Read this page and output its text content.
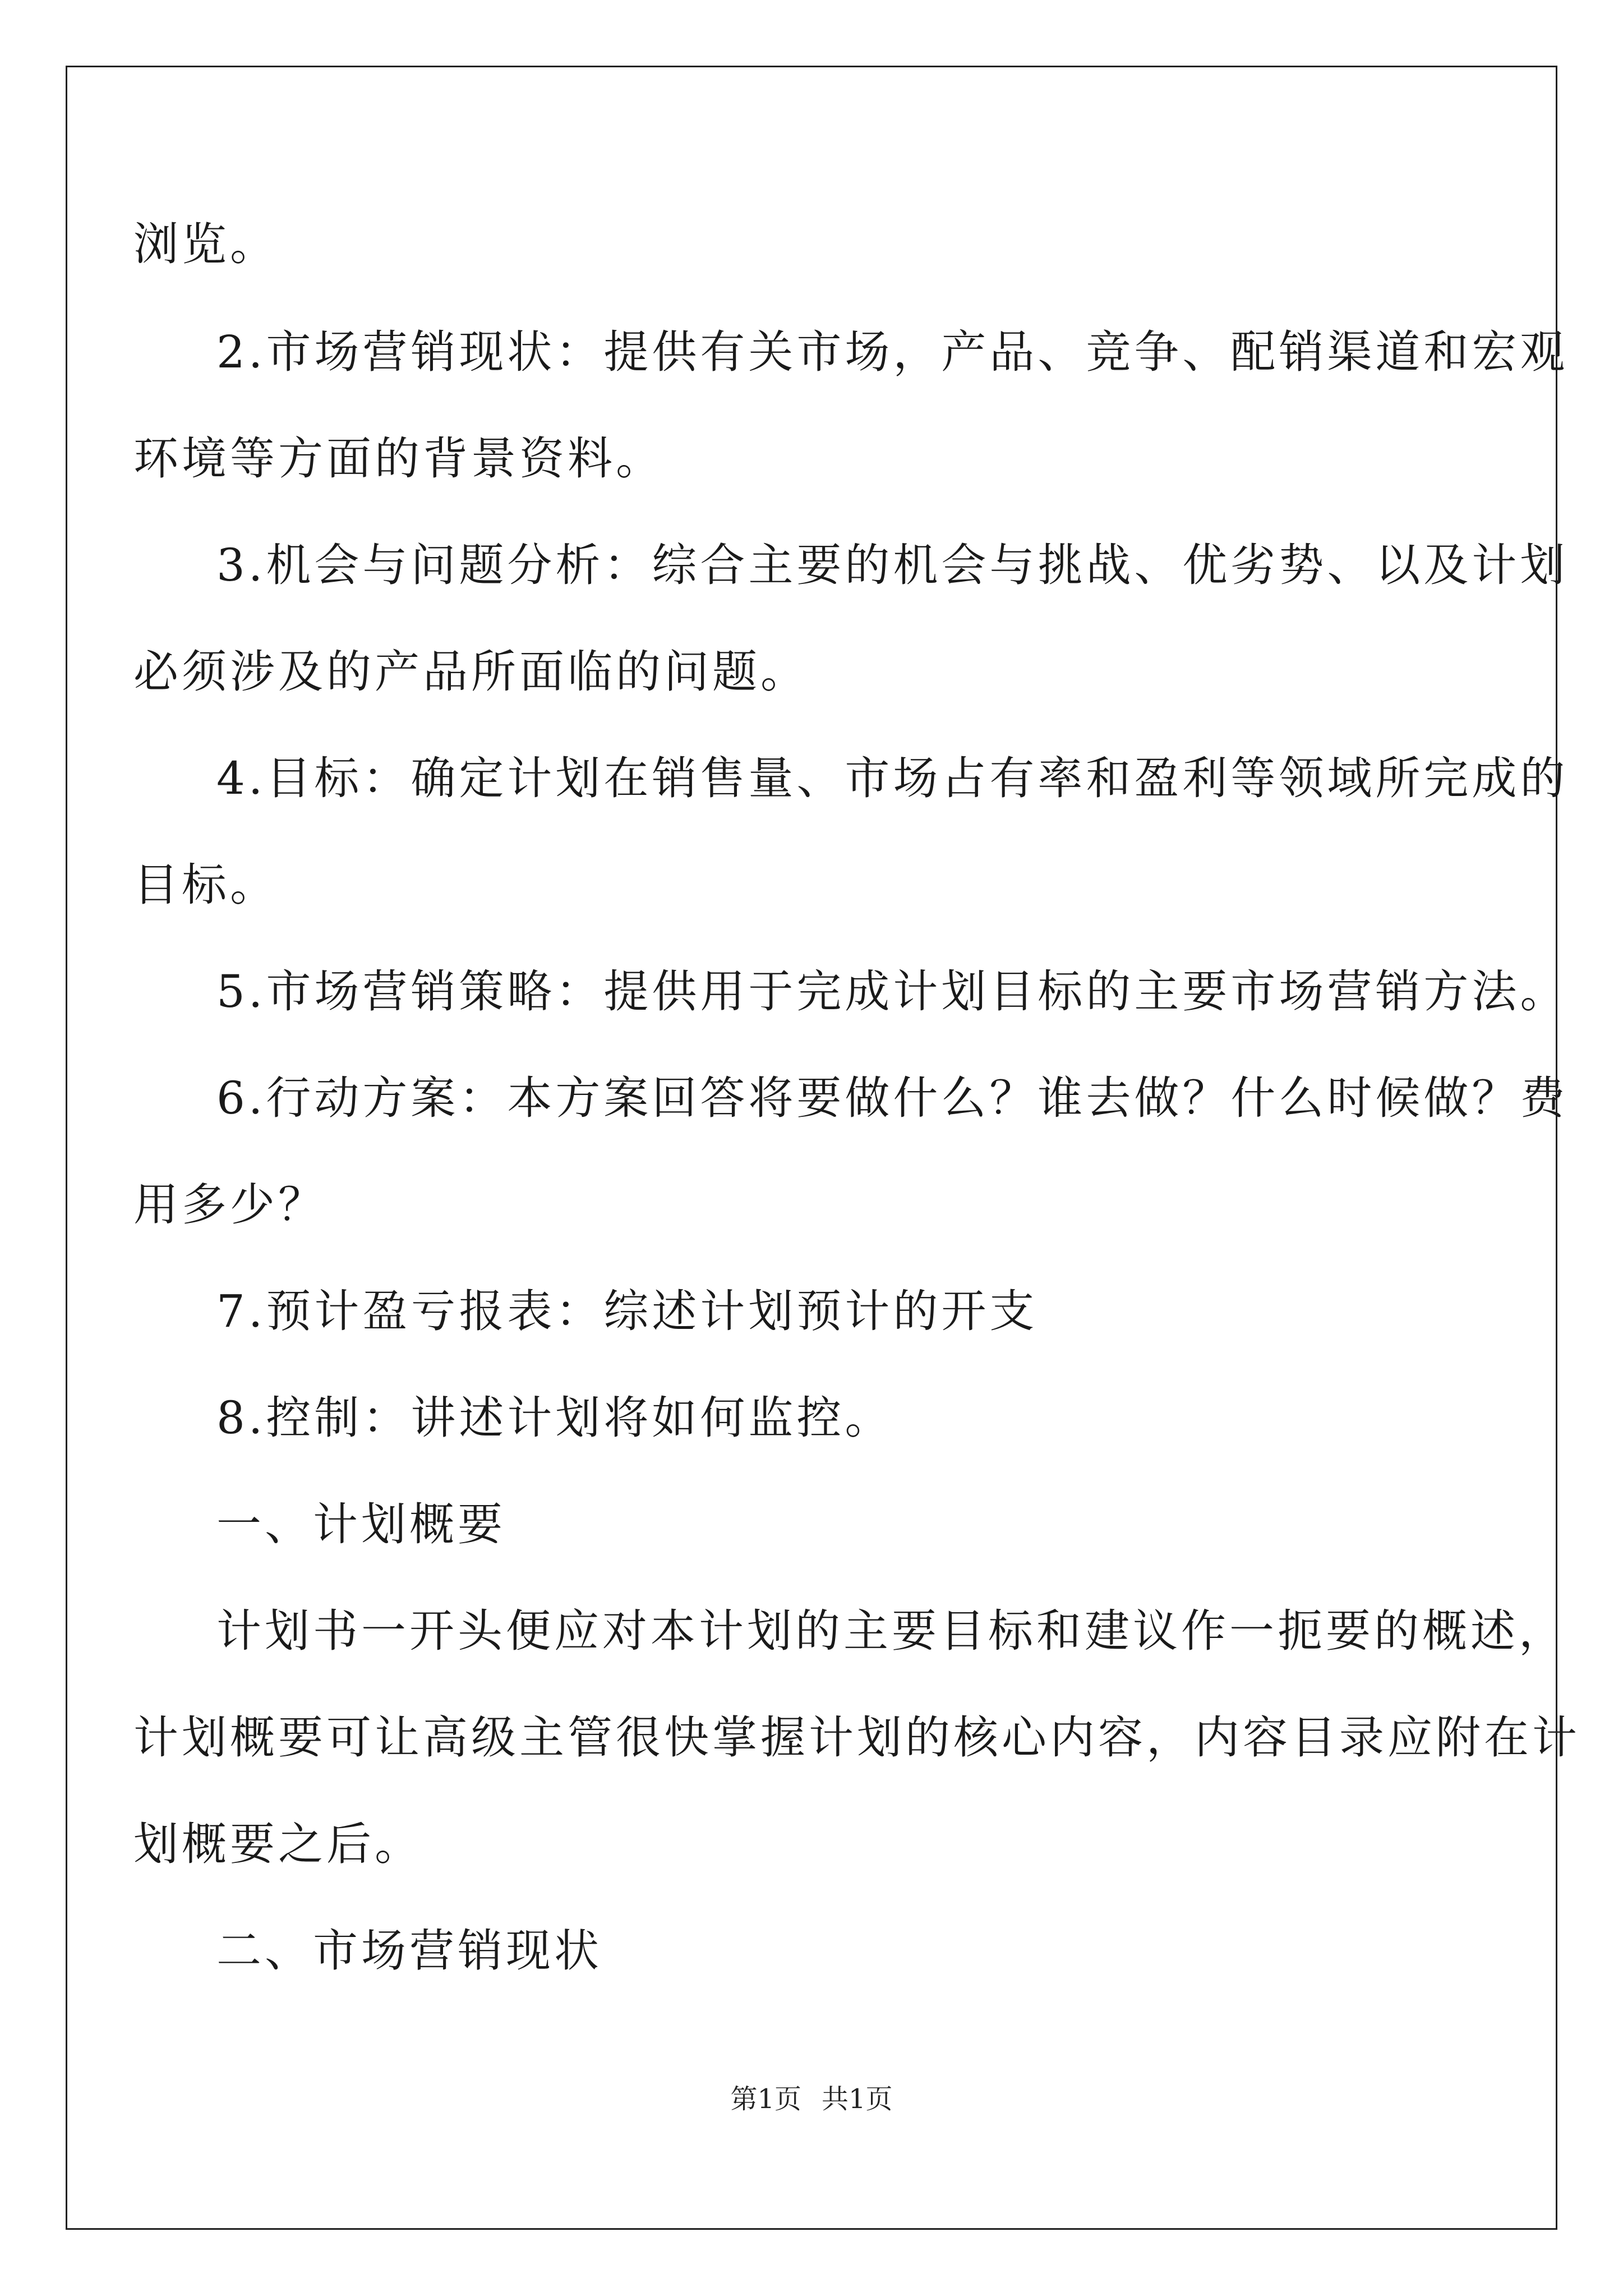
浏览。
2.市场营销现状：提供有关市场，产品、竞争、配销渠道和宏观
环境等方面的背景资料。
3.机会与问题分析：综合主要的机会与挑战、优劣势、以及计划
必须涉及的产品所面临的问题。
4.目标：确定计划在销售量、市场占有率和盈利等领域所完成的
目标。
5.市场营销策略：提供用于完成计划目标的主要市场营销方法。
6.行动方案：本方案回答将要做什么？谁去做？什么时候做？费
用多少？
7.预计盈亏报表：综述计划预计的开支
8.控制：讲述计划将如何监控。
一、计划概要
计划书一开头便应对本计划的主要目标和建议作一扼要的概述，
计划概要可让高级主管很快掌握计划的核心内容，内容目录应附在计
划概要之后。
二、市场营销现状
第1页 共1页
